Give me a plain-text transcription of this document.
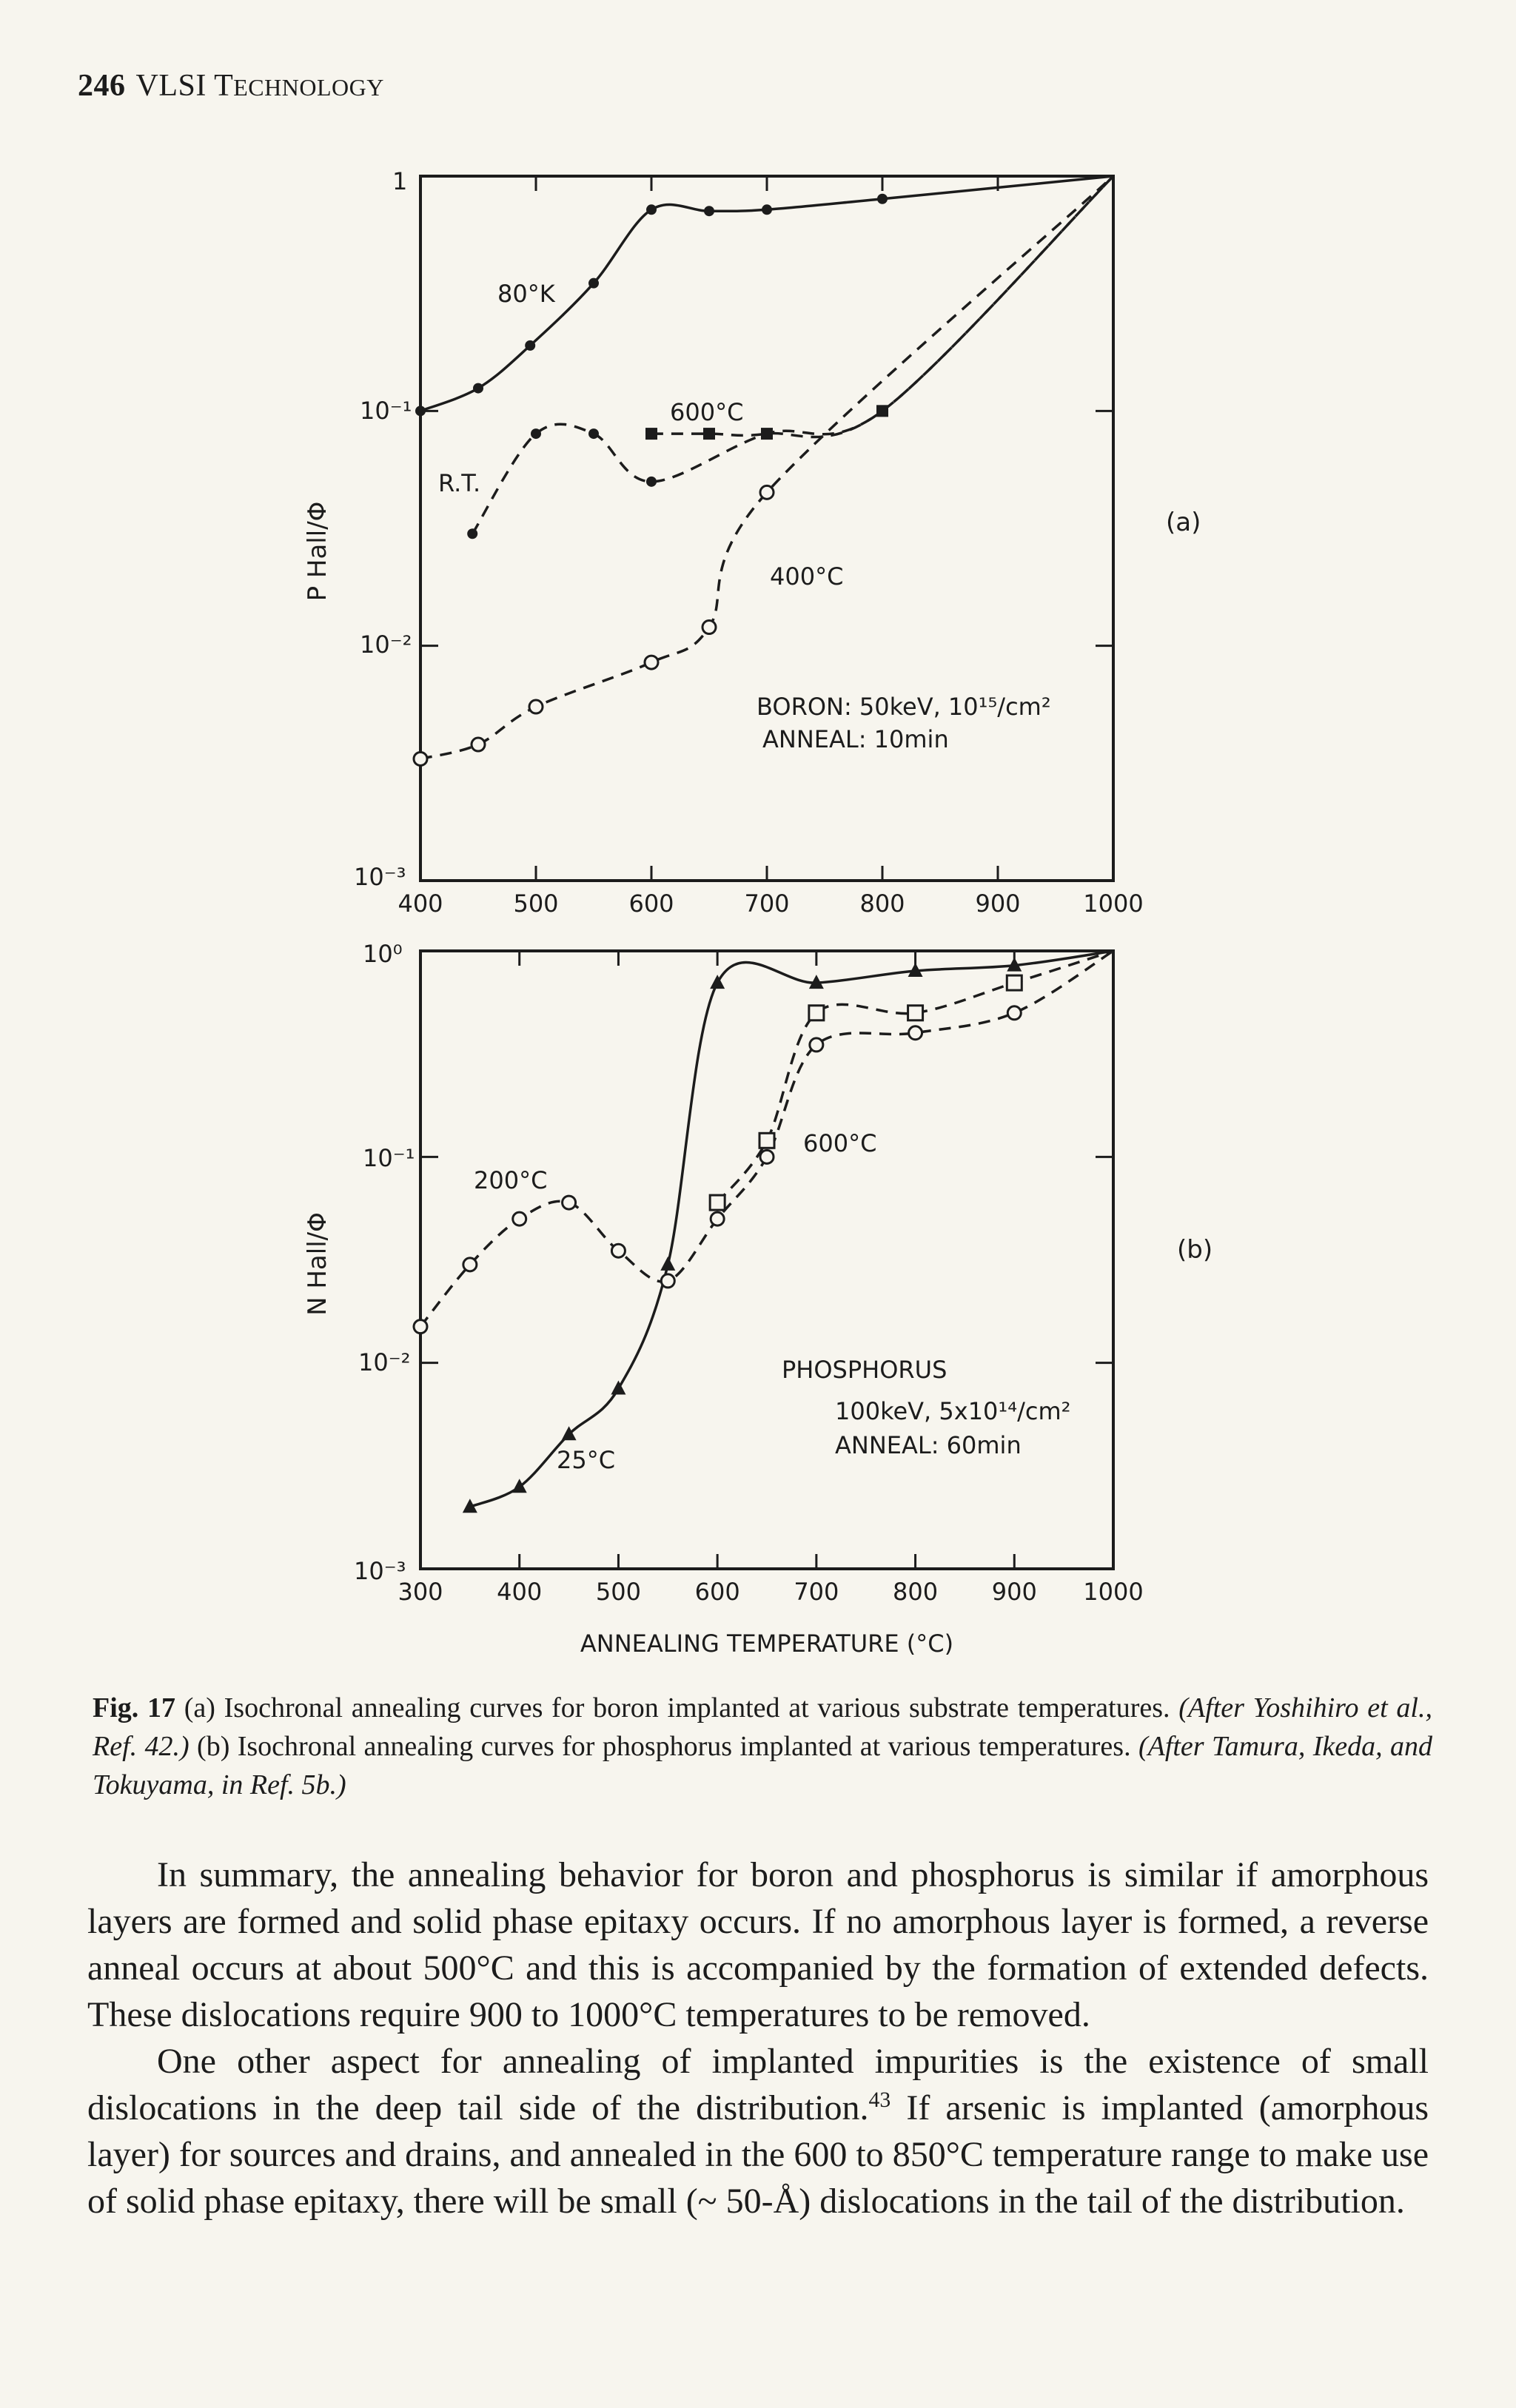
246 VLSI TECHNOLOGY
400	500	600	700	800	900	1000
1
10⁻¹
10⁻²
10⁻³
P Hall/Φ	(a)
80°K
600°C
R.T.
400°C
BORON: 50keV, 10¹⁵/cm²
ANNEAL: 10min
300 400 500 600 700 800 900 1000
10⁰
10⁻¹
10⁻²
10⁻³
N Hall/Φ	(b)
200°C
600°C
25°C
PHOSPHORUS
100keV, 5x10¹⁴/cm²
ANNEAL: 60min
ANNEALING TEMPERATURE (°C)
Fig. 17 (a) Isochronal annealing curves for boron implanted at various substrate temperatures. (After Yoshihiro et al., Ref. 42.) (b) Isochronal annealing curves for phosphorus implanted at various temperatures. (After Tamura, Ikeda, and Tokuyama, in Ref. 5b.)

In summary, the annealing behavior for boron and phosphorus is similar if amorphous layers are formed and solid phase epitaxy occurs. If no amorphous layer is formed, a reverse anneal occurs at about 500°C and this is accompanied by the formation of extended defects. These dislocations require 900 to 1000°C temperatures to be removed.

One other aspect for annealing of implanted impurities is the existence of small dislocations in the deep tail side of the distribution.$^{43}$ If arsenic is implanted (amorphous layer) for sources and drains, and annealed in the 600 to 850°C temperature range to make use of solid phase epitaxy, there will be small (~ 50-Å) dislocations in the tail of the distribution.
